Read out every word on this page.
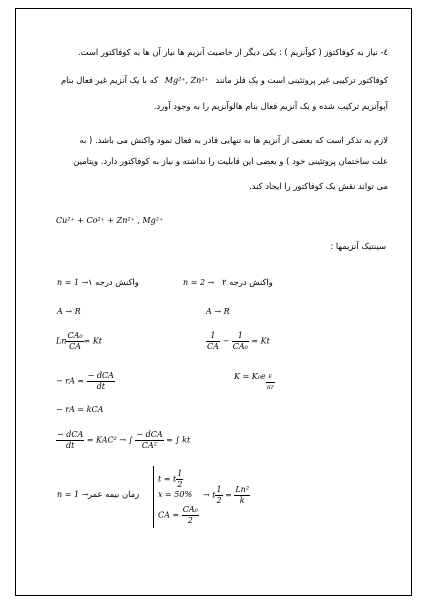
٤- نیاز به کوفاکتوز ( کوآنزیم ) : یکی دیگر از خاصیت آنزیم ها نیاز آن ها به کوفاکتور است.
کوفاکتور ترکیبی غیر پروتئینی است و یک فلز مانند Mg²⁺, Zn²⁺ که با یک آنزیم غیر فعال بنام
آپوآنزیم ترکیب شده و یک آنزیم فعال بنام هالوآنزیم را به وجود آورد.
لازم به تذکر است که بعضی از آنزیم ها به تنهایی قادر به فعال نمود واکنش می باشد. ( به
علت ساختمان پروتئینی خود ) و بعضی این قابلیت را نداشته و نیاز به کوفاکتور دارد. ویتامین
می تواند نقش یک کوفاکتور را ایجاد کند.
Cu²⁺ + Co²⁺ + Zn²⁺ , Mg²⁺
سینتیک آنزیمها :
n = 1 → واکنش درجه ۱	n = 2 → واکنش درجه ۲
A → R	A → R
Ln $\frac{\text{CA₀}}{CA} = Kt$	$\frac{1}{CA} - \frac{1}{\text{CA₀}} = Kt$
− rA = $\frac{\text{− dCA}}{dt}$	$K = K_0e \frac{E}{RT}$
− rA = kCA
$\frac{\text{− dCA}}{dt} = KAC^2$ → ∫ $\frac{\text{− dCA}}{\text{CA²}}$ = ∫ kt
n = 1 → زمان نیمه عمر
t = t $\frac{1}{2}$
x = 50%
CA = $\frac{\text{CA₀}}{2}$
→ t $\frac{1}{2} = \frac{\text{Ln²}}{k}$
